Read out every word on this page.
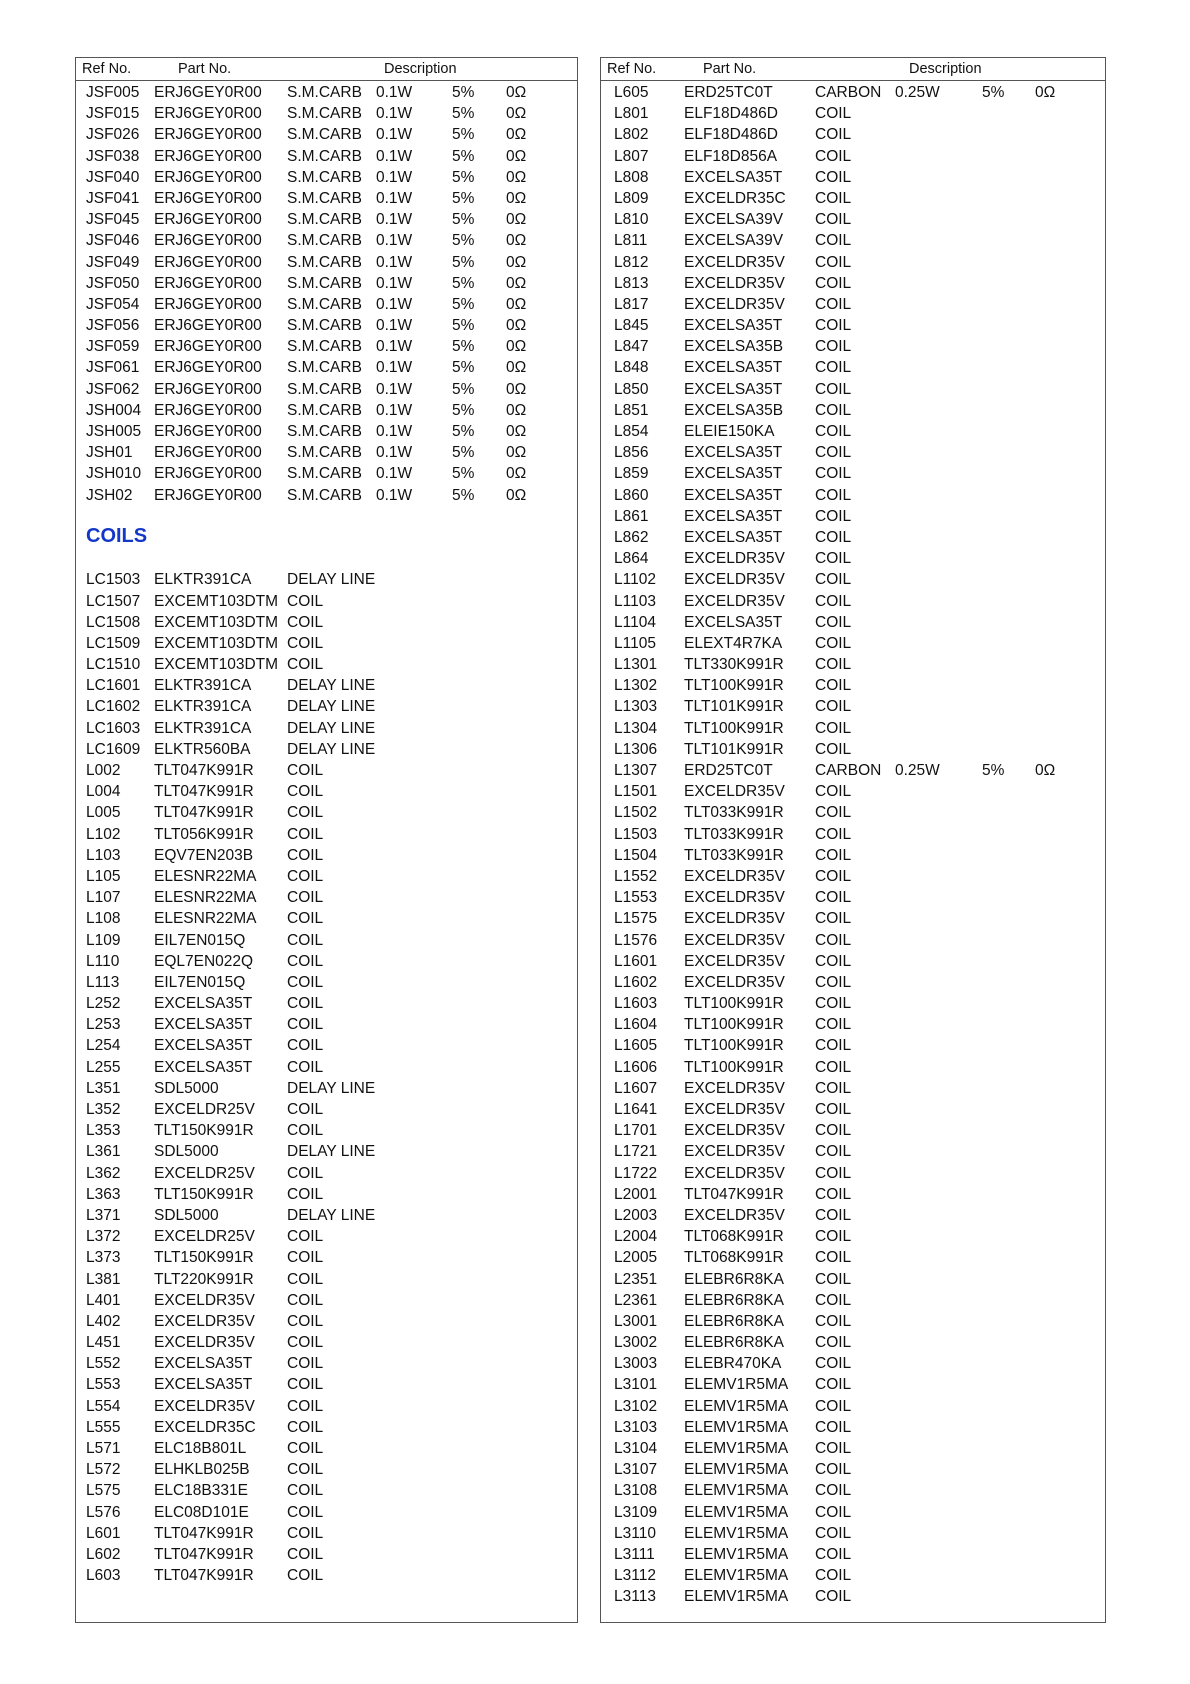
Ref No.	Part No.	Description
JSF005 ERJ6GEY0R00 S.M.CARB 0.1W	5% 0Ω
JSF015 ERJ6GEY0R00 S.M.CARB 0.1W	5% 0Ω
JSF026 ERJ6GEY0R00 S.M.CARB 0.1W	5% 0Ω
JSF038 ERJ6GEY0R00 S.M.CARB 0.1W	5% 0Ω
JSF040 ERJ6GEY0R00 S.M.CARB 0.1W	5% 0Ω
JSF041 ERJ6GEY0R00 S.M.CARB 0.1W	5% 0Ω
JSF045 ERJ6GEY0R00 S.M.CARB 0.1W	5% 0Ω
JSF046 ERJ6GEY0R00 S.M.CARB 0.1W	5% 0Ω
JSF049 ERJ6GEY0R00 S.M.CARB 0.1W	5% 0Ω
JSF050 ERJ6GEY0R00 S.M.CARB 0.1W	5% 0Ω
JSF054 ERJ6GEY0R00 S.M.CARB 0.1W	5% 0Ω
JSF056 ERJ6GEY0R00 S.M.CARB 0.1W	5% 0Ω
JSF059 ERJ6GEY0R00 S.M.CARB 0.1W	5% 0Ω
JSF061 ERJ6GEY0R00 S.M.CARB 0.1W	5% 0Ω
JSF062 ERJ6GEY0R00 S.M.CARB 0.1W	5% 0Ω
JSH004 ERJ6GEY0R00 S.M.CARB 0.1W	5% 0Ω
JSH005 ERJ6GEY0R00 S.M.CARB 0.1W	5% 0Ω
JSH01 ERJ6GEY0R00 S.M.CARB 0.1W	5% 0Ω
JSH010 ERJ6GEY0R00 S.M.CARB 0.1W	5% 0Ω
JSH02 ERJ6GEY0R00 S.M.CARB 0.1W	5% 0Ω
COILS
LC1503 ELKTR391CA DELAY LINE
LC1507 EXCEMT103DTM COIL
LC1508 EXCEMT103DTM COIL
LC1509 EXCEMT103DTM COIL
LC1510 EXCEMT103DTM COIL
LC1601 ELKTR391CA DELAY LINE
LC1602 ELKTR391CA DELAY LINE
LC1603 ELKTR391CA DELAY LINE
LC1609 ELKTR560BA DELAY LINE
L002 TLT047K991R COIL
L004 TLT047K991R COIL
L005 TLT047K991R COIL
L102 TLT056K991R COIL
L103 EQV7EN203B COIL
L105 ELESNR22MA COIL
L107 ELESNR22MA COIL
L108 ELESNR22MA COIL
L109 EIL7EN015Q	COIL
L110 EQL7EN022Q COIL
L113 EIL7EN015Q	COIL
L252 EXCELSA35T COIL
L253 EXCELSA35T COIL
L254 EXCELSA35T COIL
L255 EXCELSA35T COIL
L351 SDL5000	DELAY LINE
L352 EXCELDR25V COIL
L353 TLT150K991R COIL
L361 SDL5000	DELAY LINE
L362 EXCELDR25V COIL
L363 TLT150K991R COIL
L371 SDL5000	DELAY LINE
L372 EXCELDR25V COIL
L373 TLT150K991R COIL
L381 TLT220K991R COIL
L401 EXCELDR35V COIL
L402 EXCELDR35V COIL
L451 EXCELDR35V COIL
L552 EXCELSA35T COIL
L553 EXCELSA35T COIL
L554 EXCELDR35V COIL
L555 EXCELDR35C COIL
L571 ELC18B801L	COIL
L572 ELHKLB025B COIL
L575 ELC18B331E	COIL
L576 ELC08D101E COIL
L601 TLT047K991R COIL
L602 TLT047K991R COIL
L603 TLT047K991R COIL
Ref No.	Part No.	Description
L605 ERD25TC0T	CARBON 0.25W	5% 0Ω
L801 ELF18D486D COIL
L802 ELF18D486D COIL
L807 ELF18D856A COIL
L808 EXCELSA35T COIL
L809 EXCELDR35C COIL
L810 EXCELSA39V COIL
L811 EXCELSA39V COIL
L812 EXCELDR35V COIL
L813 EXCELDR35V COIL
L817 EXCELDR35V COIL
L845 EXCELSA35T COIL
L847 EXCELSA35B COIL
L848 EXCELSA35T COIL
L850 EXCELSA35T COIL
L851 EXCELSA35B COIL
L854 ELEIE150KA	COIL
L856 EXCELSA35T COIL
L859 EXCELSA35T COIL
L860 EXCELSA35T COIL
L861 EXCELSA35T COIL
L862 EXCELSA35T COIL
L864 EXCELDR35V COIL
L1102 EXCELDR35V COIL
L1103 EXCELDR35V COIL
L1104 EXCELSA35T COIL
L1105 ELEXT4R7KA COIL
L1301 TLT330K991R COIL
L1302 TLT100K991R COIL
L1303 TLT101K991R COIL
L1304 TLT100K991R COIL
L1306 TLT101K991R COIL
L1307 ERD25TC0T	CARBON 0.25W	5% 0Ω
L1501 EXCELDR35V COIL
L1502 TLT033K991R COIL
L1503 TLT033K991R COIL
L1504 TLT033K991R COIL
L1552 EXCELDR35V COIL
L1553 EXCELDR35V COIL
L1575 EXCELDR35V COIL
L1576 EXCELDR35V COIL
L1601 EXCELDR35V COIL
L1602 EXCELDR35V COIL
L1603 TLT100K991R COIL
L1604 TLT100K991R COIL
L1605 TLT100K991R COIL
L1606 TLT100K991R COIL
L1607 EXCELDR35V COIL
L1641 EXCELDR35V COIL
L1701 EXCELDR35V COIL
L1721 EXCELDR35V COIL
L1722 EXCELDR35V COIL
L2001 TLT047K991R COIL
L2003 EXCELDR35V COIL
L2004 TLT068K991R COIL
L2005 TLT068K991R COIL
L2351 ELEBR6R8KA COIL
L2361 ELEBR6R8KA COIL
L3001 ELEBR6R8KA COIL
L3002 ELEBR6R8KA COIL
L3003 ELEBR470KA COIL
L3101 ELEMV1R5MA COIL
L3102 ELEMV1R5MA COIL
L3103 ELEMV1R5MA COIL
L3104 ELEMV1R5MA COIL
L3107 ELEMV1R5MA COIL
L3108 ELEMV1R5MA COIL
L3109 ELEMV1R5MA COIL
L3110 ELEMV1R5MA COIL
L3111 ELEMV1R5MA COIL
L3112 ELEMV1R5MA COIL
L3113 ELEMV1R5MA COIL
